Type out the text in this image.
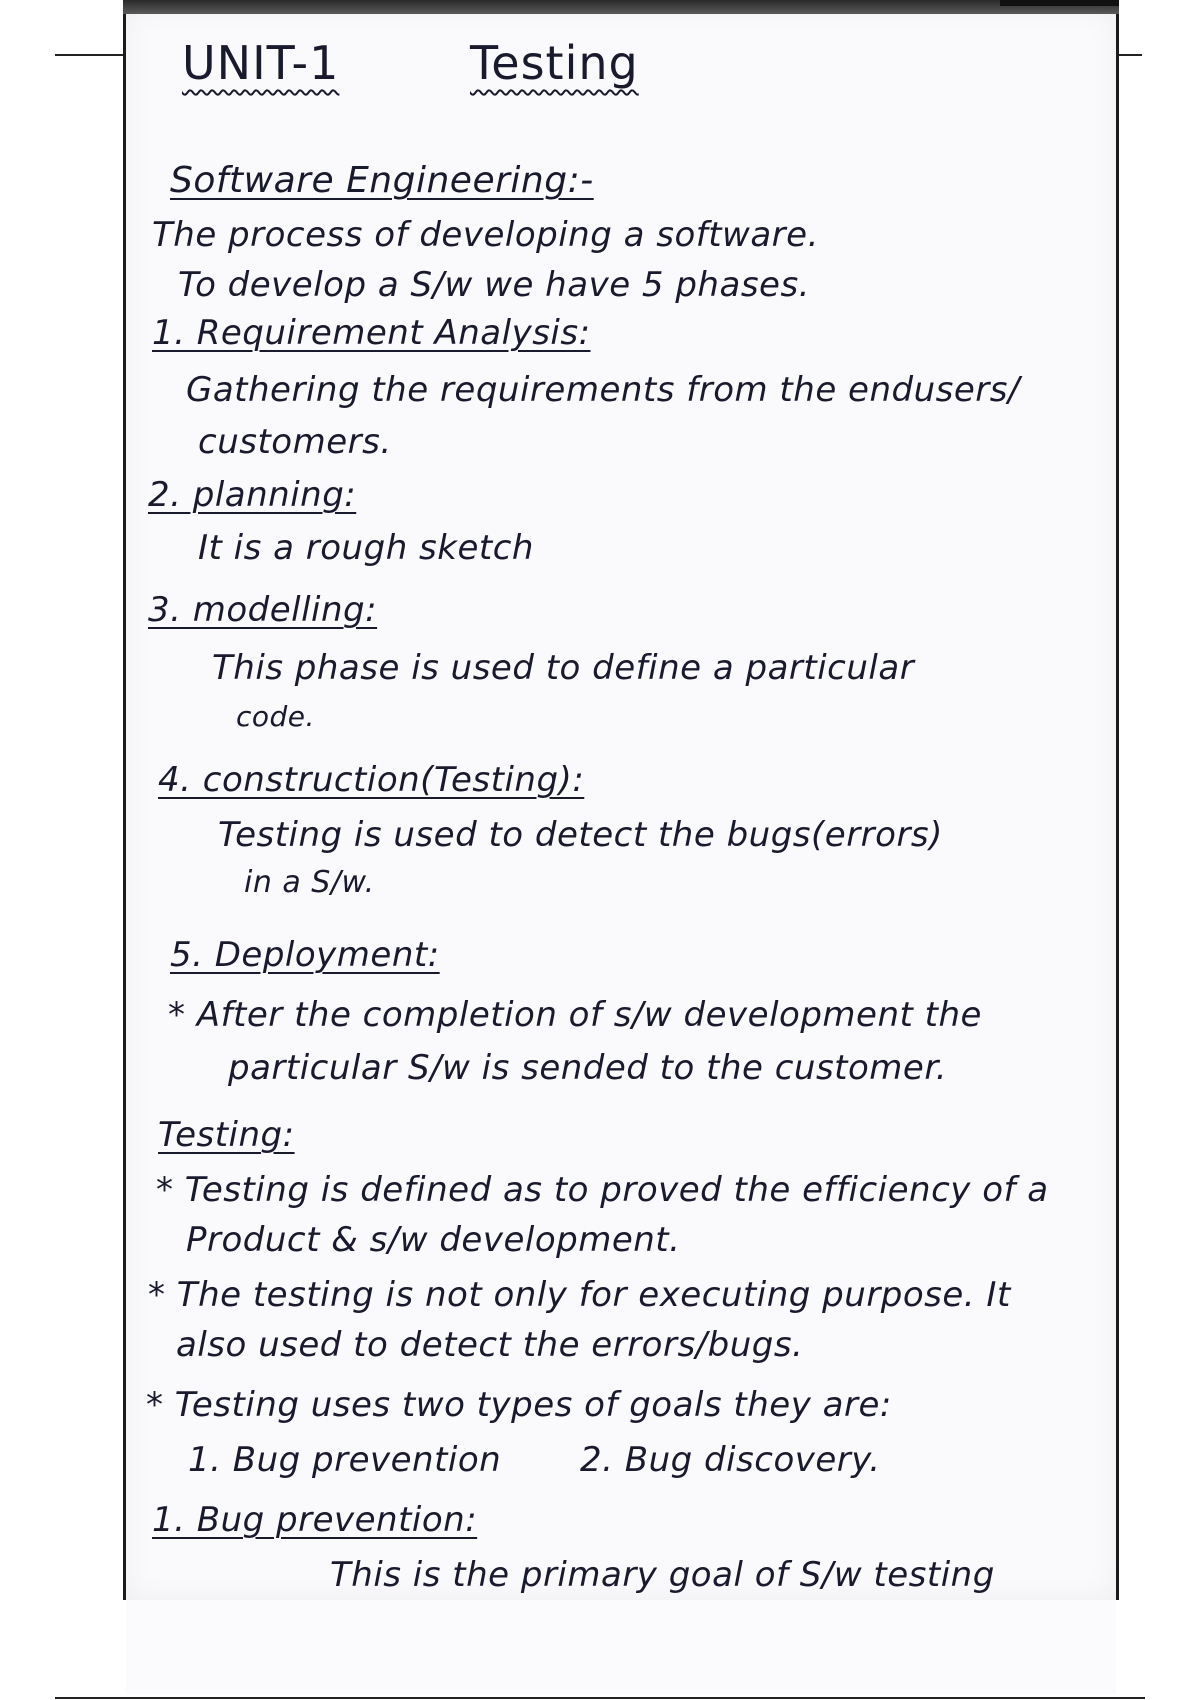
UNIT-1	Testing
Software Engineering:-
The process of developing a software.
To develop a S/w we have 5 phases.
1. Requirement Analysis:
Gathering the requirements from the endusers/
customers.
2. planning:
It is a rough sketch
3. modelling:
This phase is used to define a particular
code.
4. construction(Testing):
Testing is used to detect the bugs(errors)
in a S/w.
5. Deployment:
* After the completion of s/w development the
particular S/w is sended to the customer.
Testing:
* Testing is defined as to proved the efficiency of a
Product & s/w development.
* The testing is not only for executing purpose. It
also used to detect the errors/bugs.
* Testing uses two types of goals they are:
1. Bug prevention 2. Bug discovery.
1. Bug prevention:
This is the primary goal of S/w testing
